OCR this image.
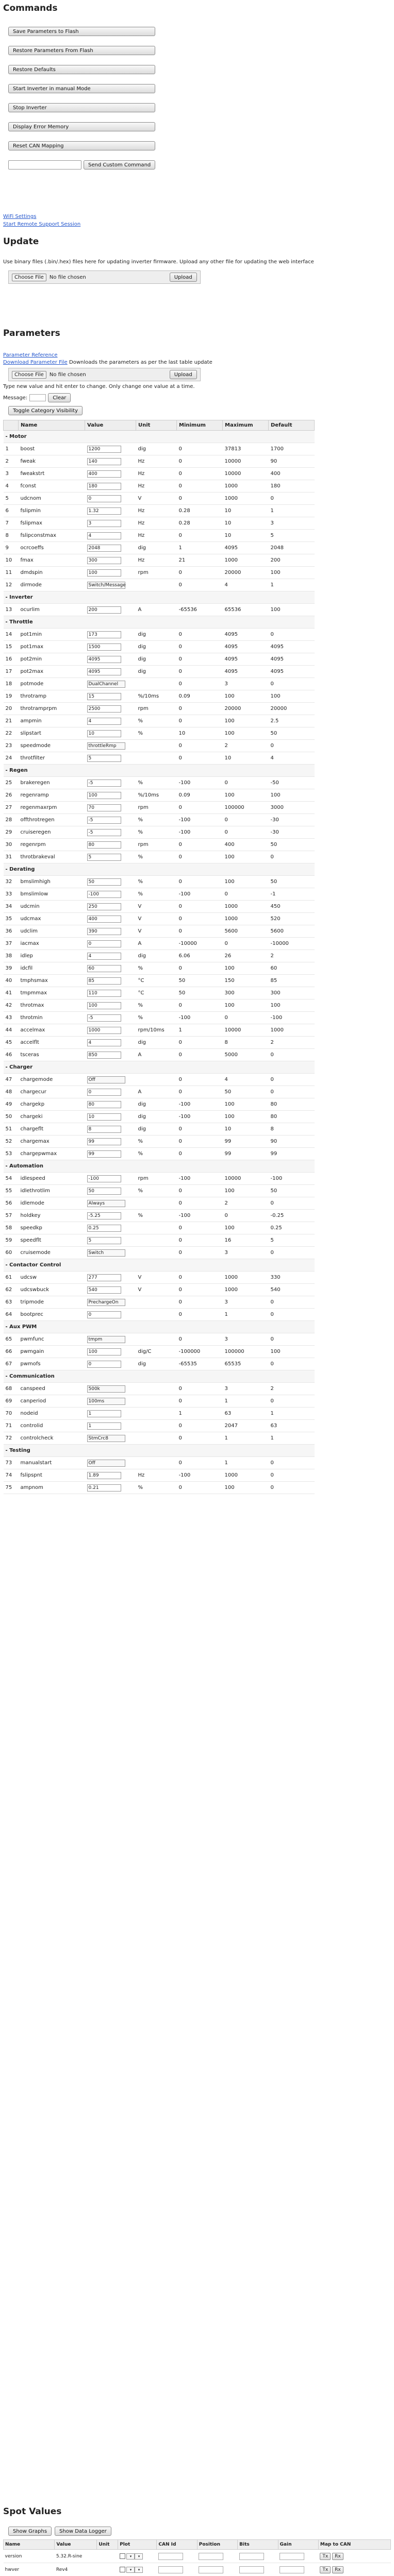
Commands
Save Parameters to Flash
Restore Parameters From Flash
Restore Defaults
Start Inverter in manual Mode
Stop Inverter
Display Error Memory
Reset CAN Mapping
Send Custom Command
WiFi Settings
Start Remote Support Session
Update
Use binary files (.bin/.hex) files here for updating inverter firmware. Upload any other file for updating the web interface
Choose File	No file chosen	Upload
Parameters
Parameter Reference
Download Parameter File Downloads the parameters as per the last table update
Choose File	No file chosen	Upload
Type new value and hit enter to change. Only change one value at a time.
Message:	Clear
Toggle Category Visibility
	Name	Value	Unit	Minimum	Maximum	Default
- Motor						
1	boost	1200	dig	0	37813	1700
2	fweak	140	Hz	0	10000	90
3	fweakstrt	400	Hz	0	10000	400
4	fconst	180	Hz	0	1000	180
5	udcnom	0	V	0	1000	0
6	fslipmin	1.32	Hz	0.28	10	1
7	fslipmax	3	Hz	0.28	10	3
8	fslipconstmax	4	Hz	0	10	5
9	ocrcoeffs	2048	dig	1	4095	2048
10	fmax	300	Hz	21	1000	200
11	dmdspin	100	rpm	0	20000	100
12	dirmode	Switch/Message		0	4	1
- Inverter						
13	ocurlim	200	A	-65536	65536	100
- Throttle						
14	pot1min	173	dig	0	4095	0
15	pot1max	1500	dig	0	4095	4095
16	pot2min	4095	dig	0	4095	4095
17	pot2max	4095	dig	0	4095	4095
18	potmode	DualChannel		0	3	0
19	throtramp	15	%/10ms	0.09	100	100
20	throtramprpm	2500	rpm	0	20000	20000
21	ampmin	4	%	0	100	2.5
22	slipstart	10	%	10	100	50
23	speedmode	throttleRmp		0	2	0
24	throtfilter	5		0	10	4
- Regen						
25	brakeregen	-5	%	-100	0	-50
26	regenramp	100	%/10ms	0.09	100	100
27	regenmaxrpm	70	rpm	0	100000	3000
28	offthrotregen	-5	%	-100	0	-30
29	cruiseregen	-5	%	-100	0	-30
30	regenrpm	80	rpm	0	400	50
31	throtbrakeval	5	%	0	100	0
- Derating						
32	bmslimhigh	50	%	0	100	50
33	bmslimlow	-100	%	-100	0	-1
34	udcmin	250	V	0	1000	450
35	udcmax	400	V	0	1000	520
36	udclim	390	V	0	5600	5600
37	iacmax	0	A	-10000	0	-10000
38	idlep	4	dig	6.06	26	2
39	idcfil	60	%	0	100	60
40	tmphsmax	85	°C	50	150	85
41	tmpmmax	110	°C	50	300	300
42	throtmax	100	%	0	100	100
43	throtmin	-5	%	-100	0	-100
44	accelmax	1000	rpm/10ms	1	10000	1000
45	accelflt	4	dig	0	8	2
46	tsceras	850	A	0	5000	0
- Charger						
47	chargemode	Off		0	4	0
48	chargecur	0	A	0	50	0
49	chargekp	80	dig	-100	100	80
50	chargeki	10	dig	-100	100	80
51	chargeflt	8	dig	0	10	8
52	chargemax	99	%	0	99	90
53	chargepwmax	99	%	0	99	99
- Automation						
54	idlespeed	-100	rpm	-100	10000	-100
55	idlethrotlim	50	%	0	100	50
56	idlemode	Always		0	2	0
57	holdkey	-5.25	%	-100	0	-0.25
58	speedkp	0.25		0	100	0.25
59	speedflt	5		0	16	5
60	cruisemode	Switch		0	3	0
- Contactor Control						
61	udcsw	277	V	0	1000	330
62	udcswbuck	540	V	0	1000	540
63	tripmode	PrechargeOn		0	3	0
64	bootprec	0		0	1	0
- Aux PWM						
65	pwmfunc	tmpm		0	3	0
66	pwmgain	100	dig/C	-100000	100000	100
67	pwmofs	0	dig	-65535	65535	0
- Communication						
68	canspeed	500k		0	3	2
69	canperiod	100ms		0	1	0
70	nodeid	1		1	63	1
71	controlid	1		0	2047	63
72	controlcheck	StmCrc8		0	1	1
- Testing						
73	manualstart	Off		0	1	0
74	fslipspnt	1.89	Hz	-100	1000	0
75	ampnom	0.21	%	0	100	0
Spot Values
Show Graphs	Show Data Logger
Name	Value	Unit	Plot	CAN Id	Position	Bits	Gain	Map to CAN
version	5.32.R-sine		▾ ▾					Tx Rx
hwver	Rev4		▾ ▾					Tx Rx
